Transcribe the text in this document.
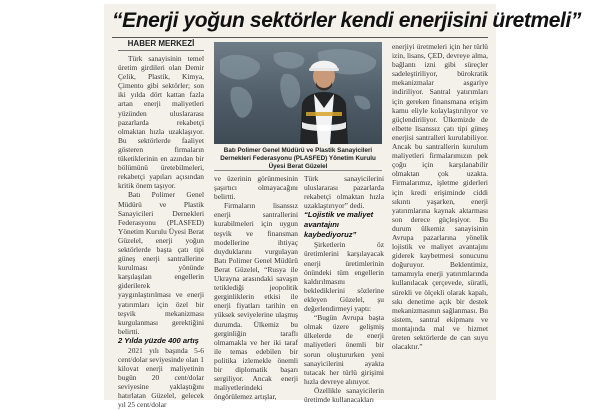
“Enerji yoğun sektörler kendi enerjisini üretmeli”
HABER MERKEZİ

Türk sanayisinin temel üretim girdileri olan Demir Çelik, Plastik, Kimya, Çimento gibi sektörler; son iki yılda dört kattan fazla artan enerji maliyetleri yüzünden uluslararası pazarlarda rekabetçi olmaktan hızla uzaklaşıyor. Bu sektörlerde faaliyet gösteren firmaların tüketiklerinin en azından bir bölümünü üretebilmeleri, rekabetçi yapıları açısından kritik önem taşıyor.

Batı Polimer Genel Müdürü ve Plastik Sanayicileri Dernekleri Federasyonu (PLASFED) Yönetim Kurulu Üyesi Berat Güzelel, enerji yoğun sektörlerde başta çatı tipi güneş enerji santrallerine kurulması yönünde karşılaşılan engellerin giderilerek yaygınlaştırılması ve enerji yatırımları için özel bir teşvik mekanizması kurgulanması gerektiğini belirtti.

2 Yılda yüzde 400 artış

2021 yılı başında 5-6 cent/dolar seviyesinde olan 1 kilovat enerji maliyetinin bugün 20 cent/dolar seviyesine yaklaştığını hatırlatan Güzelel, gelecek yıl 25 cent/dolar

Batı Polimer Genel Müdürü ve Plastik Sanayicileri Dernekleri Federasyonu (PLASFED) Yönetim Kurulu Üyesi Berat Güzelel

ve üzerinin görünmesinin şaşırtıcı olmayacağını belirtti.

Firmaların lisanssız enerji santrallerini kurabilmeleri için uygun teşvik ve finansman modellerine ihtiyaç duyduklarını vurgulayan Batı Polimer Genel Müdürü Berat Güzelel, “Rusya ile Ukrayna arasındaki savaşın tetiklediği jeopolitik gerginliklerin etkisi ile enerji fiyatları tarihin en yüksek seviyelerine ulaşmış durumda. Ülkemiz bu gerginliğin taraflı olmamakla ve her iki taraf ile temas edebilen bir politika izlemekle önemli bir diplomatik başarı sergiliyor. Ancak enerji maliyetlerindeki öngörülemez artışlar,

Türk sanayicilerini uluslararası pazarlarda rekabetçi olmaktan hızla uzaklaştırıyor” dedi.

“Lojistik ve maliyet avantajını kaybediyoruz”

Şirketlerin öz üretimlerini karşılayacak enerji üretimlerinin önündeki tüm engellerin kaldırılmasını beklediklerini sözlerine ekleyen Güzelel, şu değerlendirmeyi yaptı:

“Bugün Avrupa başta olmak üzere gelişmiş ülkelerde de enerji maliyetleri önemli bir sorun oluştururken yeni sanayicilerini ayakta tutacak her türlü girişimi hızla devreye alınıyor.

Özellikle sanayicilerin üretimde kullanacakları

enerjiyi üretmeleri için her türlü izin, lisans, ÇED, devreye alma, bağlantı izni gibi süreçler sadeleştiriliyor, bürokratik mekanizmalar asgariye indiriliyor. Santral yatırımları için gereken finansmana erişim kamu eliyle kolaylaştırılıyor ve güçlendiriliyor. Ülkemizde de elbette lisanssız çatı tipi güneş enerjisi santralleri kurulabiliyor. Ancak bu santrallerin kurulum maliyetleri firmalarımızın pek çoğu için karşılanabilir olmaktan çok uzakta. Firmalarımız, işletme giderleri için kredi erişiminde ciddi sıkıntı yaşarken, enerji yatırımlarına kaynak aktarması son derece güçleşiyor. Bu durum ülkemiz sanayisinin Avrupa pazarlarına yönelik lojistik ve maliyet avantajını giderek kaybetmesi sonucunu doğuruyor. Beklentimiz, tamamıyla enerji yatırımlarında kullanılacak çerçevede, süratli, sürekli ve ölçekli olarak kapalı, sıkı denetime açık bir destek mekanizmasının sağlanması. Bu sistem, santral ekipmanı ve montajında mal ve hizmet üreten sektörlerde de can suyu olacaktır.”
